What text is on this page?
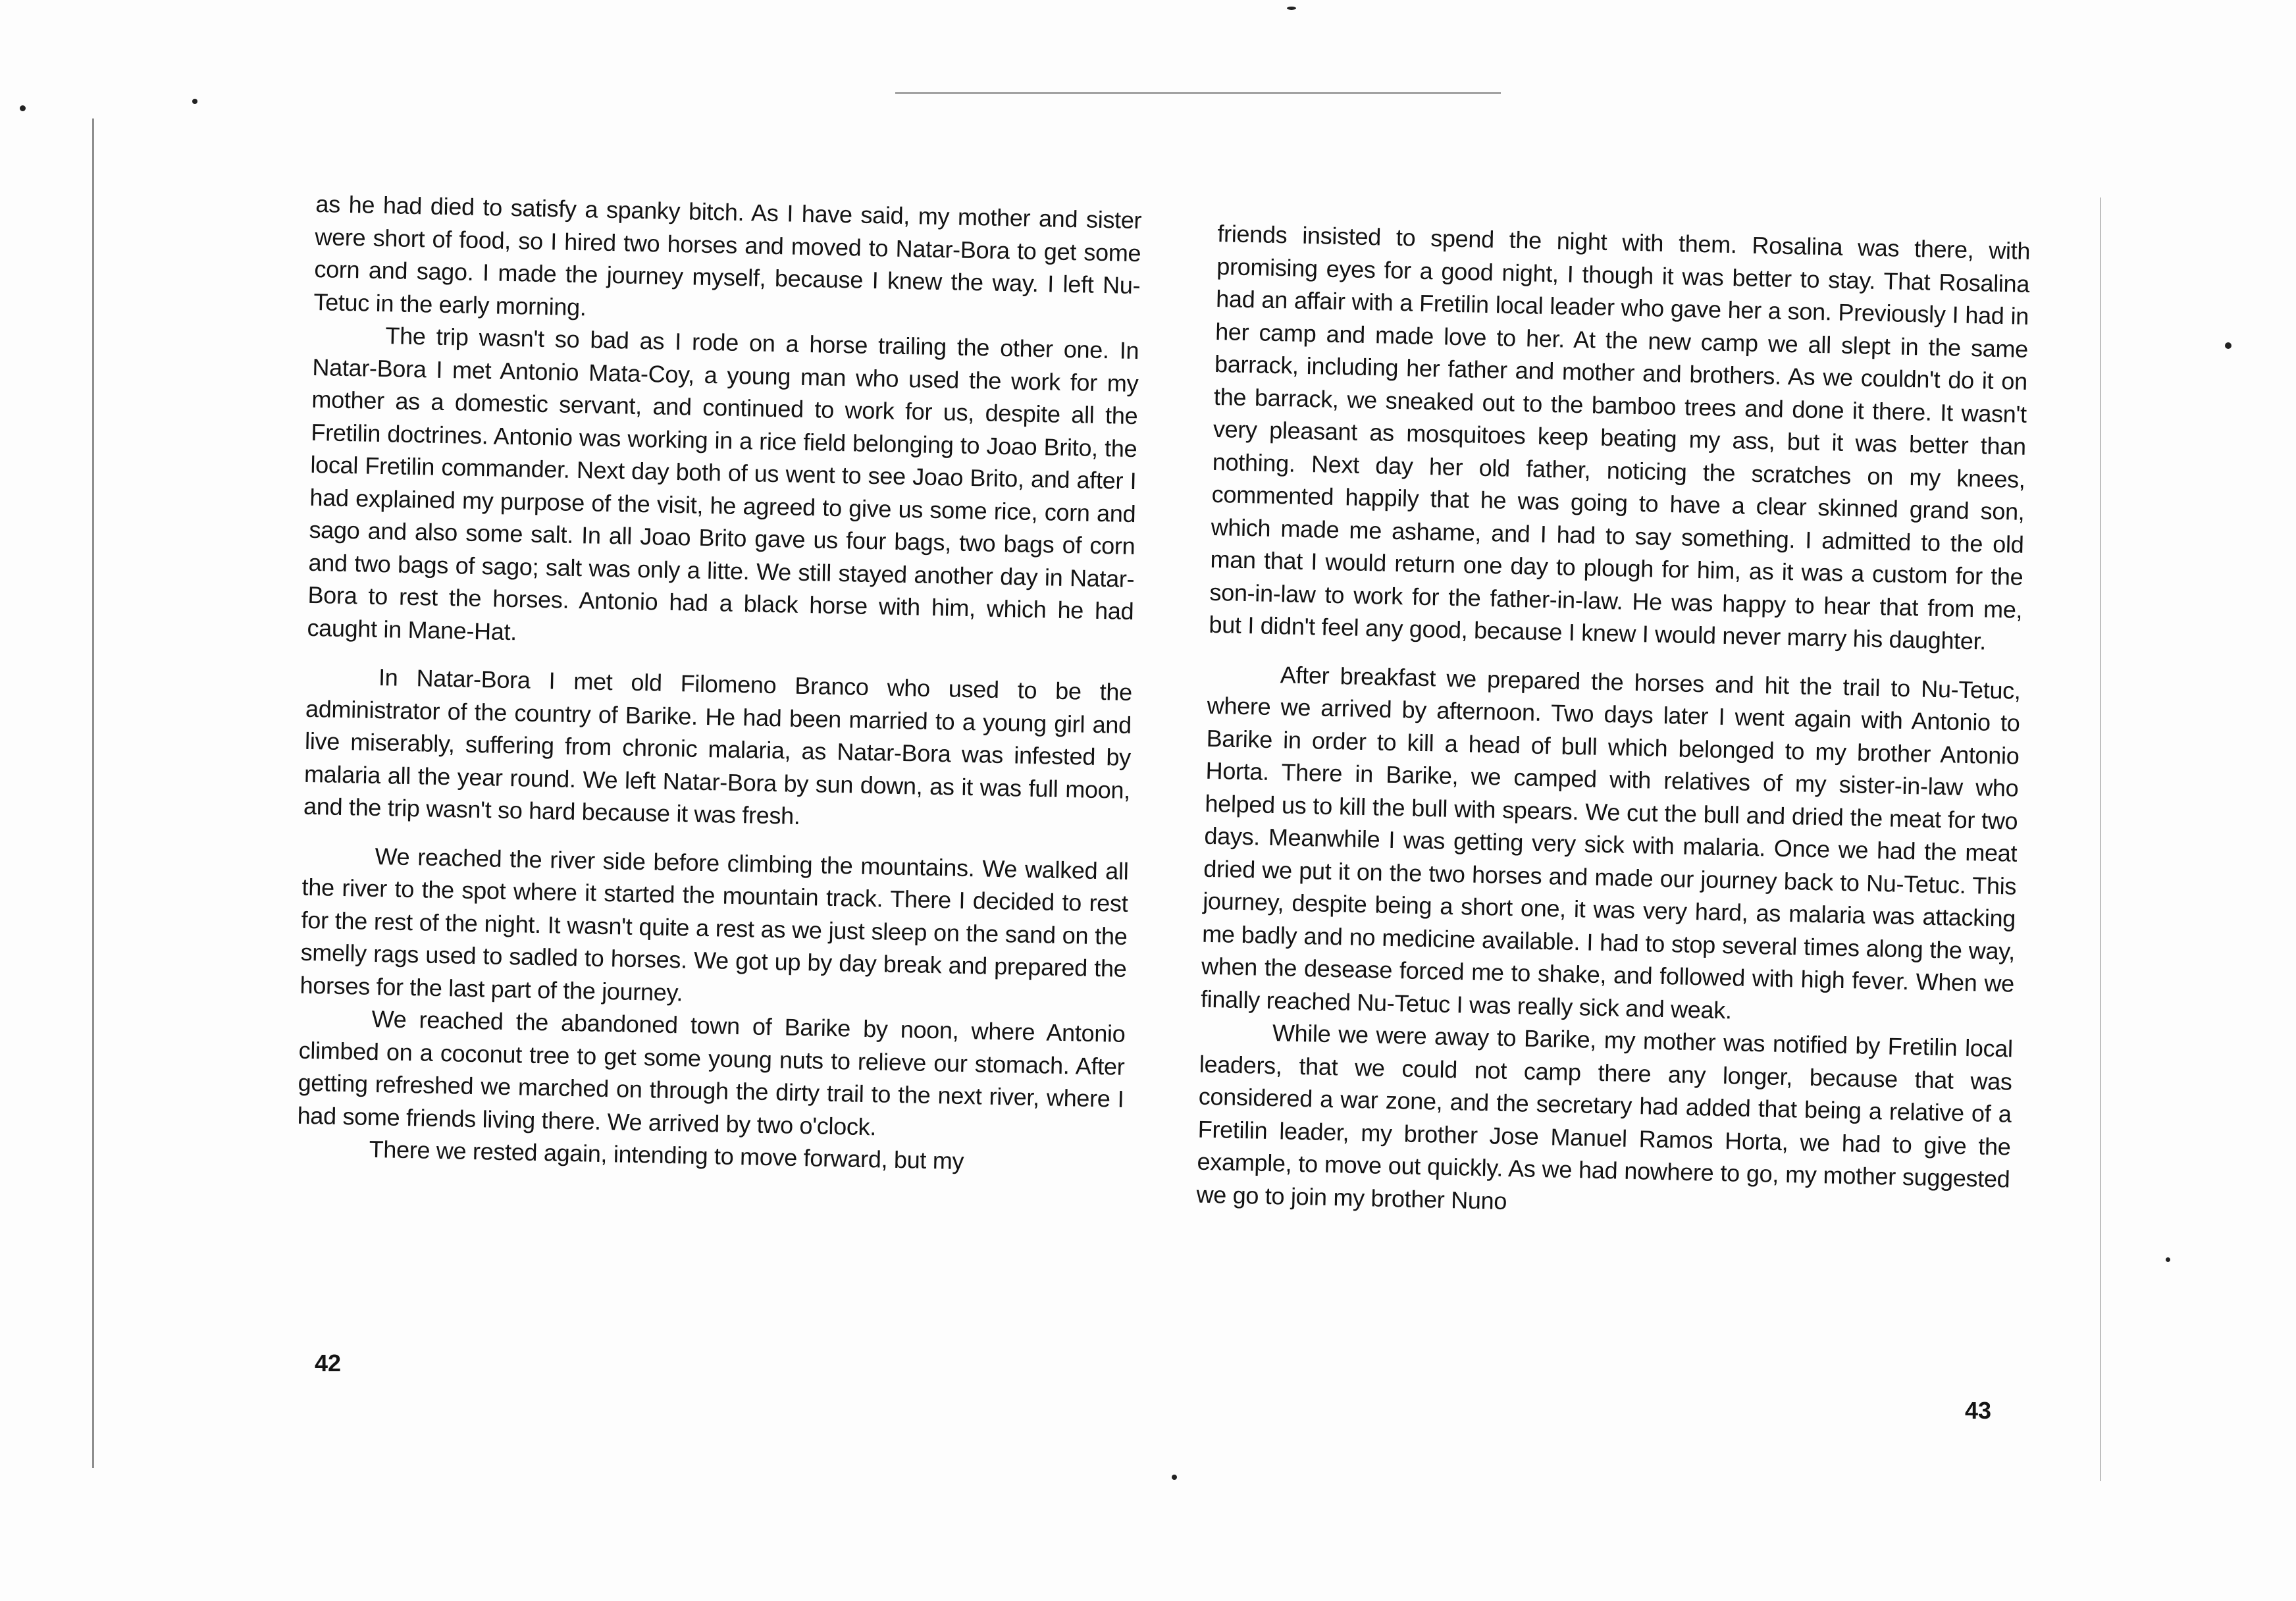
as he had died to satisfy a spanky bitch. As I have said, my mother and sister were short of food, so I hired two horses and moved to Natar-Bora to get some corn and sago. I made the journey myself, because I knew the way. I left Nu-Tetuc in the early morning.

The trip wasn't so bad as I rode on a horse trailing the other one. In Natar-Bora I met Antonio Mata-Coy, a young man who used the work for my mother as a domestic servant, and continued to work for us, despite all the Fretilin doctrines. Antonio was working in a rice field belonging to Joao Brito, the local Fretilin commander. Next day both of us went to see Joao Brito, and after I had explained my purpose of the visit, he agreed to give us some rice, corn and sago and also some salt. In all Joao Brito gave us four bags, two bags of corn and two bags of sago; salt was only a litte. We still stayed another day in Natar-Bora to rest the horses. Antonio had a black horse with him, which he had caught in Mane-Hat.

In Natar-Bora I met old Filomeno Branco who used to be the administrator of the country of Barike. He had been married to a young girl and live miserably, suffering from chronic malaria, as Natar-Bora was infested by malaria all the year round. We left Natar-Bora by sun down, as it was full moon, and the trip wasn't so hard because it was fresh.

We reached the river side before climbing the mountains. We walked all the river to the spot where it started the mountain track. There I decided to rest for the rest of the night. It wasn't quite a rest as we just sleep on the sand on the smelly rags used to sadled to horses. We got up by day break and prepared the horses for the last part of the journey.

We reached the abandoned town of Barike by noon, where Antonio climbed on a coconut tree to get some young nuts to relieve our stomach. After getting refreshed we marched on through the dirty trail to the next river, where I had some friends living there. We arrived by two o'clock.

There we rested again, intending to move forward, but my

42

friends insisted to spend the night with them. Rosalina was there, with promising eyes for a good night, I though it was better to stay. That Rosalina had an affair with a Fretilin local leader who gave her a son. Previously I had in her camp and made love to her. At the new camp we all slept in the same barrack, including her father and mother and brothers. As we couldn't do it on the barrack, we sneaked out to the bamboo trees and done it there. It wasn't very pleasant as mosquitoes keep beating my ass, but it was better than nothing. Next day her old father, noticing the scratches on my knees, commented happily that he was going to have a clear skinned grand son, which made me ashame, and I had to say something. I admitted to the old man that I would return one day to plough for him, as it was a custom for the son-in-law to work for the father-in-law. He was happy to hear that from me, but I didn't feel any good, because I knew I would never marry his daughter.

After breakfast we prepared the horses and hit the trail to Nu-Tetuc, where we arrived by afternoon. Two days later I went again with Antonio to Barike in order to kill a head of bull which belonged to my brother Antonio Horta. There in Barike, we camped with relatives of my sister-in-law who helped us to kill the bull with spears. We cut the bull and dried the meat for two days. Meanwhile I was getting very sick with malaria. Once we had the meat dried we put it on the two horses and made our journey back to Nu-Tetuc. This journey, despite being a short one, it was very hard, as malaria was attacking me badly and no medicine available. I had to stop several times along the way, when the desease forced me to shake, and followed with high fever. When we finally reached Nu-Tetuc I was really sick and weak.

While we were away to Barike, my mother was notified by Fretilin local leaders, that we could not camp there any longer, because that was considered a war zone, and the secretary had added that being a relative of a Fretilin leader, my brother Jose Manuel Ramos Horta, we had to give the example, to move out quickly. As we had nowhere to go, my mother suggested we go to join my brother Nuno

43
